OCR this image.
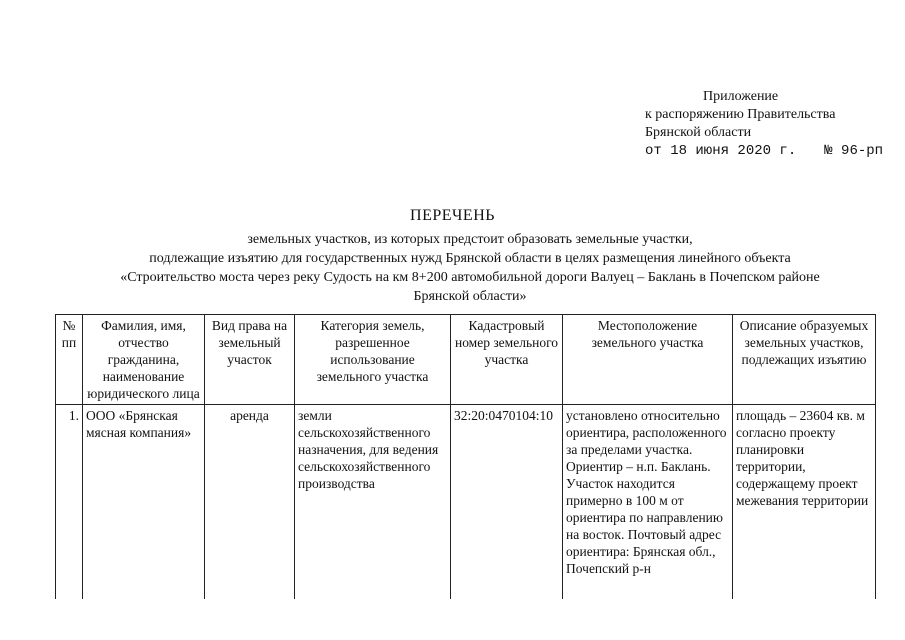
Приложение
к распоряжению Правительства
Брянской области
от 18 июня 2020 г. № 96-рп
ПЕРЕЧЕНЬ
земельных участков, из которых предстоит образовать земельные участки,
подлежащие изъятию для государственных нужд Брянской области в целях размещения линейного объекта
«Строительство моста через реку Судость на км 8+200 автомобильной дороги Валуец – Баклань в Почепском районе
Брянской области»
№ пп	Фамилия, имя, отчество гражданина, наименование юридического лица	Вид права на земельный участок	Категория земель, разрешенное использование земельного участка	Кадастровый номер земельного участка	Местоположение земельного участка	Описание образуемых земельных участков, подлежащих изъятию
1.	ООО «Брянская мясная компания»	аренда	земли сельскохозяйственного назначения, для ведения сельскохозяйственного производства	32:20:0470104:10	установлено относительно ориентира, расположенного за пределами участка. Ориентир – н.п. Баклань. Участок находится примерно в 100 м от ориентира по направлению на восток. Почтовый адрес ориентира: Брянская обл., Почепский р-н	площадь – 23604 кв. м согласно проекту планировки территории, содержащему проект межевания территории
